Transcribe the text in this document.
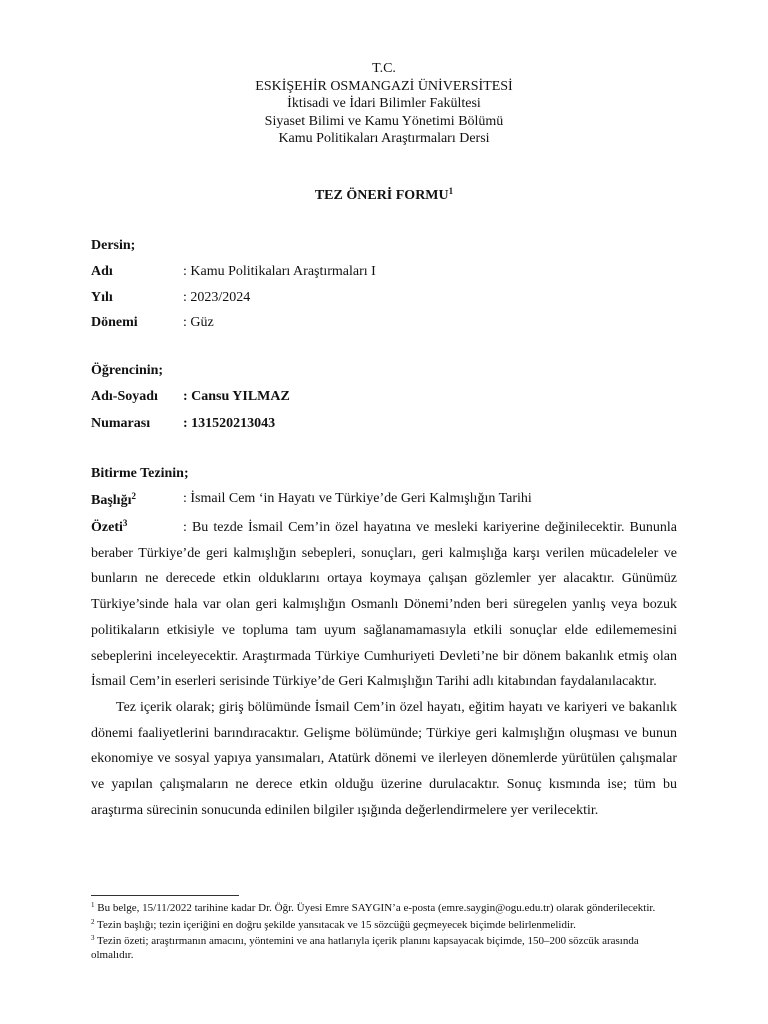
T.C.
ESKİŞEHİR OSMANGAZİ ÜNİVERSİTESİ
İktisadi ve İdari Bilimler Fakültesi
Siyaset Bilimi ve Kamu Yönetimi Bölümü
Kamu Politikaları Araştırmaları Dersi
TEZ ÖNERİ FORMU$^1$
Dersin;
Adı	: Kamu Politikaları Araştırmaları I
Yılı	: 2023/2024
Dönemi	: Güz
Öğrencinin;
Adı-Soyadı : Cansu YILMAZ
Numarası : 131520213043
Bitirme Tezinin;
Başlığı$^2$	: İsmail Cem ‘in Hayatı ve Türkiye’de Geri Kalmışlığın Tarihi
Özeti$^3$	: Bu tezde İsmail Cem’in özel hayatına ve mesleki kariyerine değinilecektir. Bununla beraber Türkiye’de geri kalmışlığın sebepleri, sonuçları, geri kalmışlığa karşı verilen mücadeleler ve bunların ne derecede etkin olduklarını ortaya koymaya çalışan gözlemler yer alacaktır. Günümüz Türkiye’sinde hala var olan geri kalmışlığın Osmanlı Dönemi’nden beri süregelen yanlış veya bozuk politikaların etkisiyle ve topluma tam uyum sağlanamamasıyla etkili sonuçlar elde edilememesini sebeplerini inceleyecektir. Araştırmada Türkiye Cumhuriyeti Devleti’ne bir dönem bakanlık etmiş olan İsmail Cem’in eserleri serisinde Türkiye’de Geri Kalmışlığın Tarihi adlı kitabından faydalanılacaktır.
Tez içerik olarak; giriş bölümünde İsmail Cem’in özel hayatı, eğitim hayatı ve kariyeri ve bakanlık dönemi faaliyetlerini barındıracaktır. Gelişme bölümünde; Türkiye geri kalmışlığın oluşması ve bunun ekonomiye ve sosyal yapıya yansımaları, Atatürk dönemi ve ilerleyen dönemlerde yürütülen çalışmalar ve yapılan çalışmaların ne derece etkin olduğu üzerine durulacaktır. Sonuç kısmında ise; tüm bu araştırma sürecinin sonucunda edinilen bilgiler ışığında değerlendirmelere yer verilecektir.
$^1$ Bu belge, 15/11/2022 tarihine kadar Dr. Öğr. Üyesi Emre SAYGIN’a e-posta (emre.saygin@ogu.edu.tr) olarak gönderilecektir.
$^2$ Tezin başlığı; tezin içeriğini en doğru şekilde yansıtacak ve 15 sözcüğü geçmeyecek biçimde belirlenmelidir.
$^3$ Tezin özeti; araştırmanın amacını, yöntemini ve ana hatlarıyla içerik planını kapsayacak biçimde, 150–200 sözcük arasında olmalıdır.
